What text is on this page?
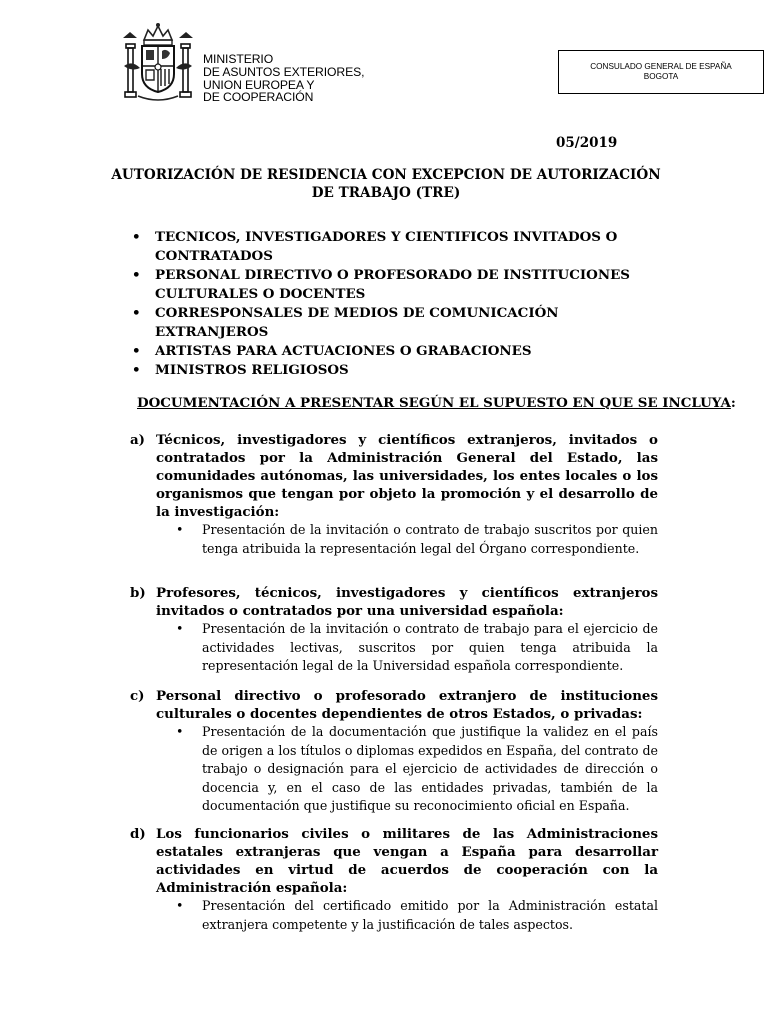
MINISTERIO
DE ASUNTOS EXTERIORES,
UNION EUROPEA Y
DE COOPERACIÓN
CONSULADO GENERAL DE ESPAÑA
BOGOTA
05/2019
AUTORIZACIÓN DE RESIDENCIA CON EXCEPCION DE AUTORIZACIÓN DE TRABAJO (TRE)
• TECNICOS, INVESTIGADORES Y CIENTIFICOS INVITADOS O CONTRATADOS
• PERSONAL DIRECTIVO O PROFESORADO DE INSTITUCIONES CULTURALES O DOCENTES
• CORRESPONSALES DE MEDIOS DE COMUNICACIÓN EXTRANJEROS
• ARTISTAS PARA ACTUACIONES O GRABACIONES
• MINISTROS RELIGIOSOS
DOCUMENTACIÓN A PRESENTAR SEGÚN EL SUPUESTO EN QUE SE INCLUYA:
a) Técnicos, investigadores y científicos extranjeros, invitados o contratados por la Administración General del Estado, las comunidades autónomas, las universidades, los entes locales o los organismos que tengan por objeto la promoción y el desarrollo de la investigación:
• Presentación de la invitación o contrato de trabajo suscritos por quien tenga atribuida la representación legal del Órgano correspondiente.
b) Profesores, técnicos, investigadores y científicos extranjeros invitados o contratados por una universidad española:
• Presentación de la invitación o contrato de trabajo para el ejercicio de actividades lectivas, suscritos por quien tenga atribuida la representación legal de la Universidad española correspondiente.
c) Personal directivo o profesorado extranjero de instituciones culturales o docentes dependientes de otros Estados, o privadas:
• Presentación de la documentación que justifique la validez en el país de origen a los títulos o diplomas expedidos en España, del contrato de trabajo o designación para el ejercicio de actividades de dirección o docencia y, en el caso de las entidades privadas, también de la documentación que justifique su reconocimiento oficial en España.
d) Los funcionarios civiles o militares de las Administraciones estatales extranjeras que vengan a España para desarrollar actividades en virtud de acuerdos de cooperación con la Administración española:
• Presentación del certificado emitido por la Administración estatal extranjera competente y la justificación de tales aspectos.
